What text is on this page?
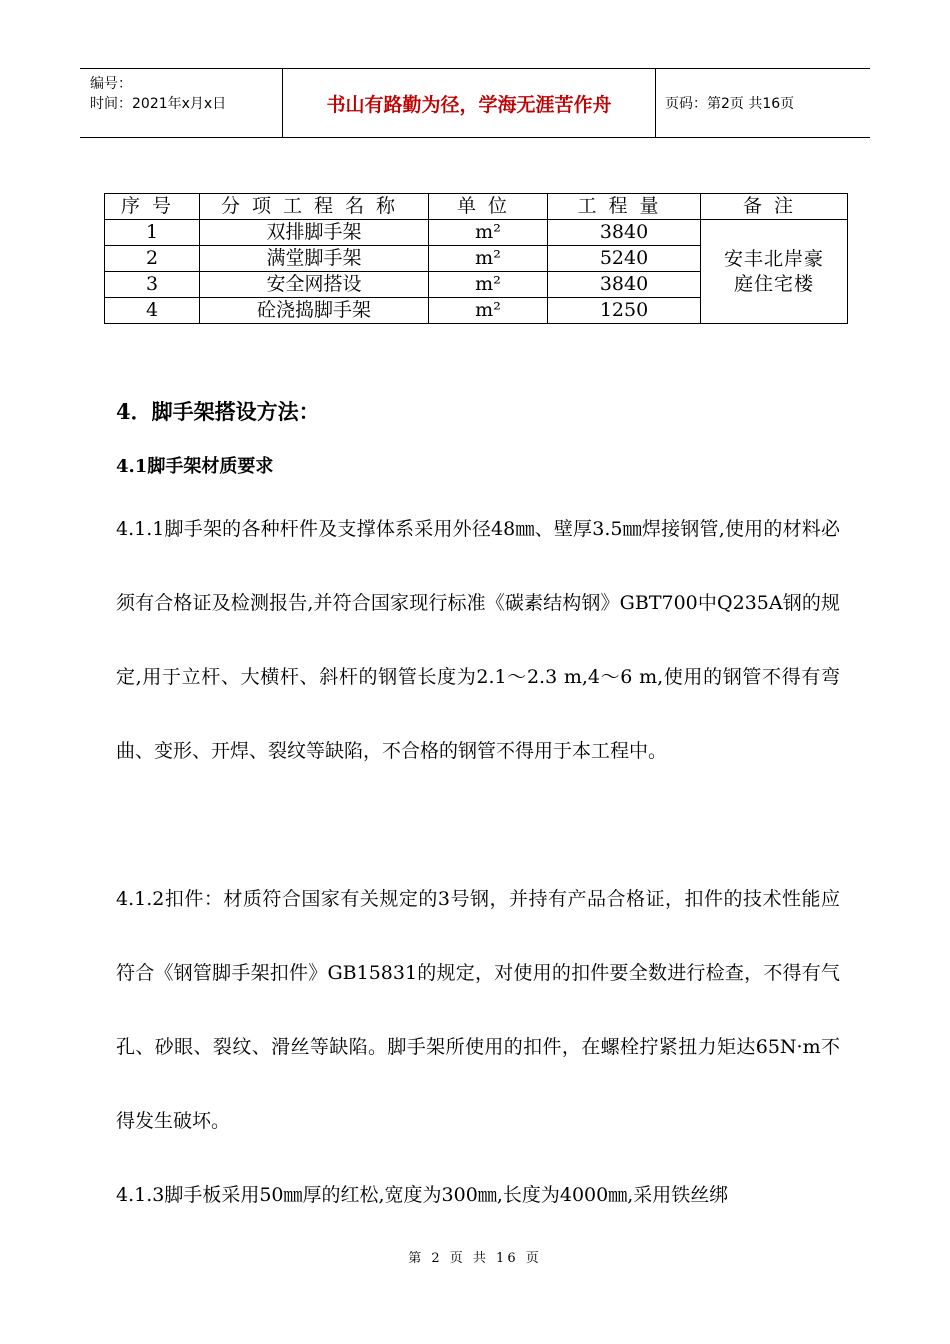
编号：
时间：2021年x月x日	书山有路勤为径，学海无涯苦作舟	页码：第2页 共16页
序号	分项工程名称	单位	工程量	备注
1	双排脚手架	m²	3840	安丰北岸豪
庭住宅楼

2	满堂脚手架	m²	5240	
3	安全网搭设	m²	3840	
4	砼浇捣脚手架	m²	1250	
4．脚手架搭设方法：
4.1脚手架材质要求

4.1.1脚手架的各种杆件及支撑体系采用外径48㎜、壁厚3.5㎜焊接钢管,使用的材料必须有合格证及检测报告,并符合国家现行标准《碳素结构钢》GBT700中Q235A钢的规定,用于立杆、大横杆、斜杆的钢管长度为2.1～2.3 m,4～6 m,使用的钢管不得有弯曲、变形、开焊、裂纹等缺陷，不合格的钢管不得用于本工程中。

4.1.2扣件：材质符合国家有关规定的3号钢，并持有产品合格证，扣件的技术性能应符合《钢管脚手架扣件》GB15831的规定，对使用的扣件要全数进行检查，不得有气孔、砂眼、裂纹、滑丝等缺陷。脚手架所使用的扣件，在螺栓拧紧扭力矩达65N·m不得发生破坏。

4.1.3脚手板采用50㎜厚的红松,宽度为300㎜,长度为4000㎜,采用铁丝绑

第 2 页 共 16 页
